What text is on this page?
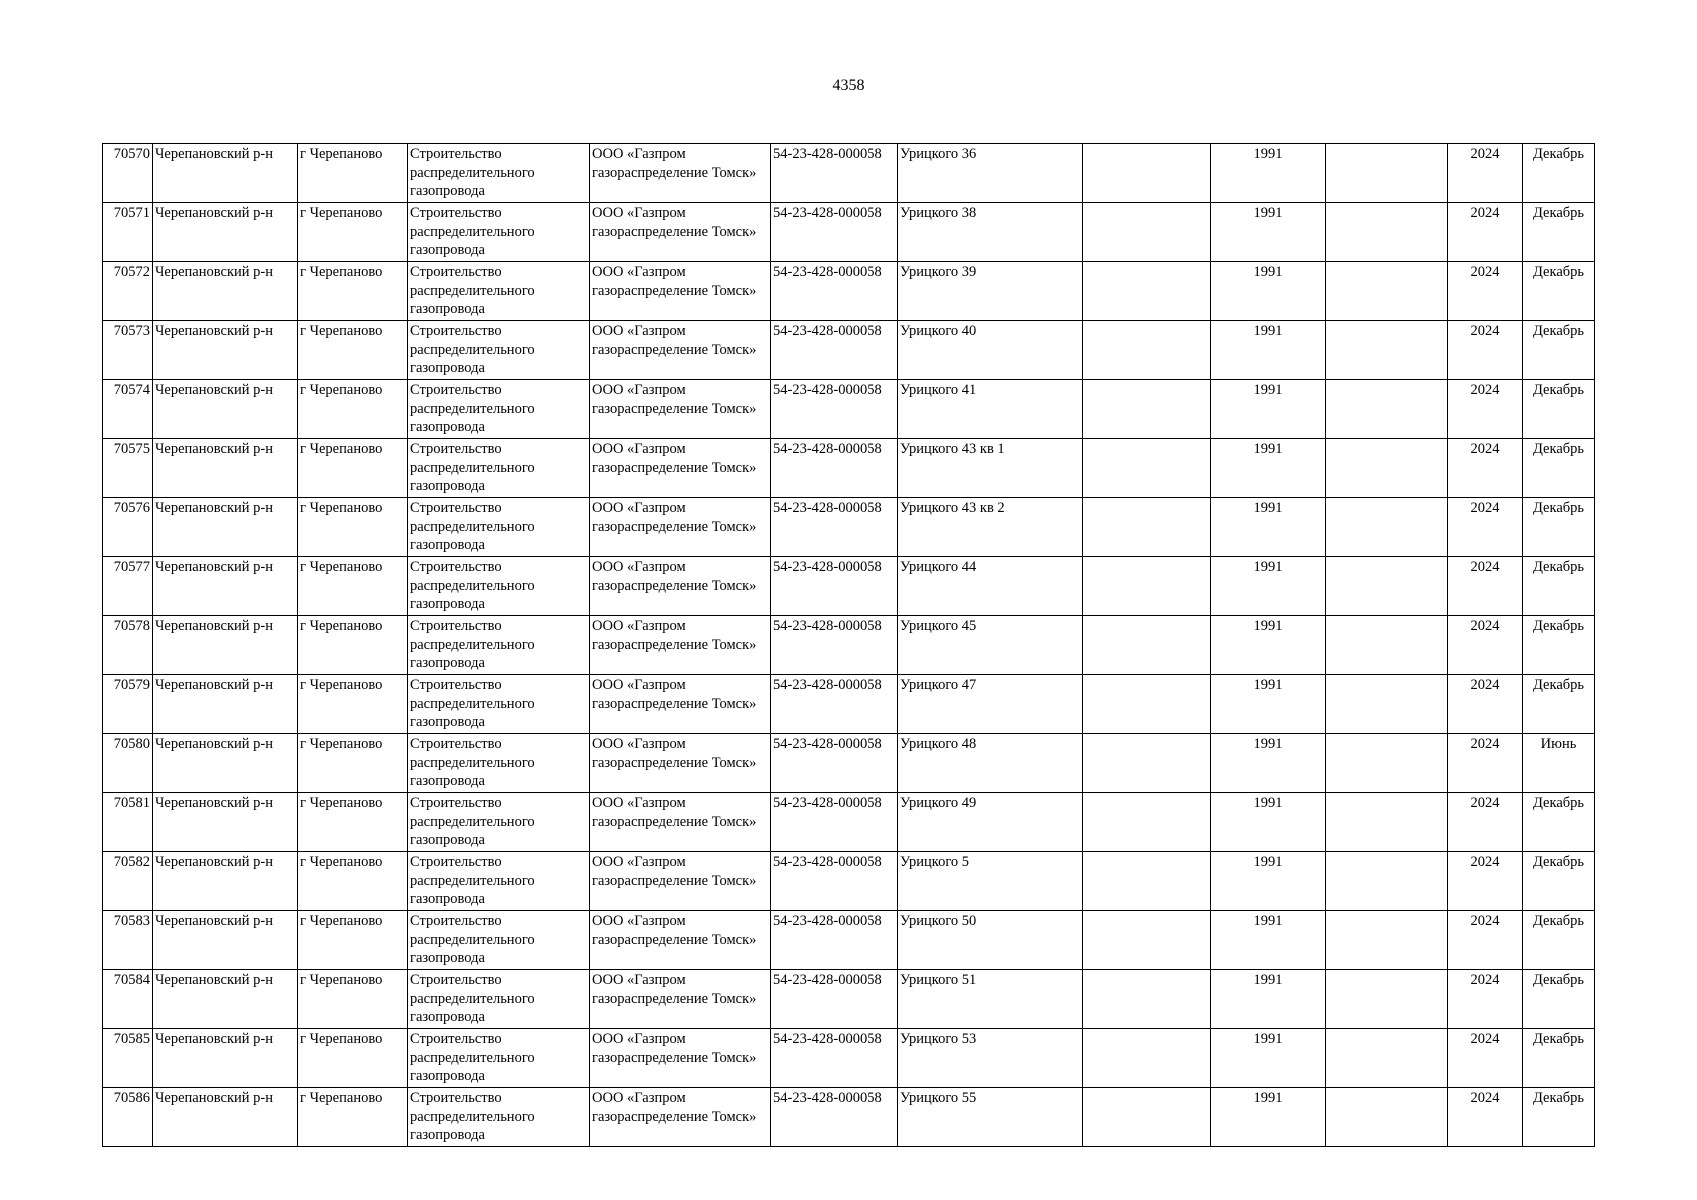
4358
70570	Черепановский р-н	г Черепаново	Строительство распределительного газопровода	ООО «Газпром газораспределение Томск»	54-23-428-000058	Урицкого 36		1991		2024	Декабрь
70571	Черепановский р-н	г Черепаново	Строительство распределительного газопровода	ООО «Газпром газораспределение Томск»	54-23-428-000058	Урицкого 38		1991		2024	Декабрь
70572	Черепановский р-н	г Черепаново	Строительство распределительного газопровода	ООО «Газпром газораспределение Томск»	54-23-428-000058	Урицкого 39		1991		2024	Декабрь
70573	Черепановский р-н	г Черепаново	Строительство распределительного газопровода	ООО «Газпром газораспределение Томск»	54-23-428-000058	Урицкого 40		1991		2024	Декабрь
70574	Черепановский р-н	г Черепаново	Строительство распределительного газопровода	ООО «Газпром газораспределение Томск»	54-23-428-000058	Урицкого 41		1991		2024	Декабрь
70575	Черепановский р-н	г Черепаново	Строительство распределительного газопровода	ООО «Газпром газораспределение Томск»	54-23-428-000058	Урицкого 43 кв 1		1991		2024	Декабрь
70576	Черепановский р-н	г Черепаново	Строительство распределительного газопровода	ООО «Газпром газораспределение Томск»	54-23-428-000058	Урицкого 43 кв 2		1991		2024	Декабрь
70577	Черепановский р-н	г Черепаново	Строительство распределительного газопровода	ООО «Газпром газораспределение Томск»	54-23-428-000058	Урицкого 44		1991		2024	Декабрь
70578	Черепановский р-н	г Черепаново	Строительство распределительного газопровода	ООО «Газпром газораспределение Томск»	54-23-428-000058	Урицкого 45		1991		2024	Декабрь
70579	Черепановский р-н	г Черепаново	Строительство распределительного газопровода	ООО «Газпром газораспределение Томск»	54-23-428-000058	Урицкого 47		1991		2024	Декабрь
70580	Черепановский р-н	г Черепаново	Строительство распределительного газопровода	ООО «Газпром газораспределение Томск»	54-23-428-000058	Урицкого 48		1991		2024	Июнь
70581	Черепановский р-н	г Черепаново	Строительство распределительного газопровода	ООО «Газпром газораспределение Томск»	54-23-428-000058	Урицкого 49		1991		2024	Декабрь
70582	Черепановский р-н	г Черепаново	Строительство распределительного газопровода	ООО «Газпром газораспределение Томск»	54-23-428-000058	Урицкого 5		1991		2024	Декабрь
70583	Черепановский р-н	г Черепаново	Строительство распределительного газопровода	ООО «Газпром газораспределение Томск»	54-23-428-000058	Урицкого 50		1991		2024	Декабрь
70584	Черепановский р-н	г Черепаново	Строительство распределительного газопровода	ООО «Газпром газораспределение Томск»	54-23-428-000058	Урицкого 51		1991		2024	Декабрь
70585	Черепановский р-н	г Черепаново	Строительство распределительного газопровода	ООО «Газпром газораспределение Томск»	54-23-428-000058	Урицкого 53		1991		2024	Декабрь
70586	Черепановский р-н	г Черепаново	Строительство распределительного газопровода	ООО «Газпром газораспределение Томск»	54-23-428-000058	Урицкого 55		1991		2024	Декабрь
